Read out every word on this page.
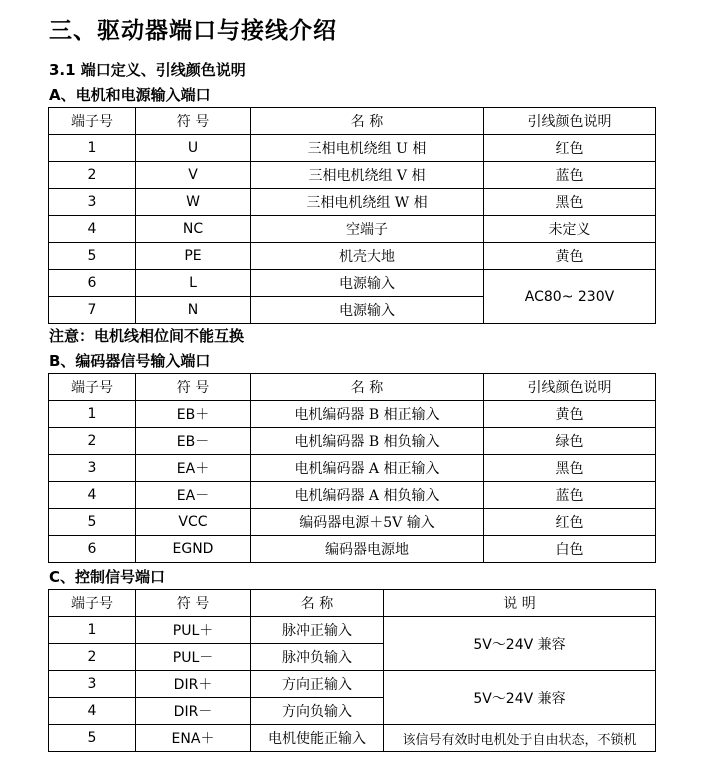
三、驱动器端口与接线介绍
3.1 端口定义、引线颜色说明
A、电机和电源输入端口
端子号	符 号	名 称	引线颜色说明
1	U	三相电机绕组 U 相	红色
2	V	三相电机绕组 V 相	蓝色
3	W	三相电机绕组 W 相	黑色
4	NC	空端子	未定义
5	PE	机壳大地	黄色
6	L	电源输入	AC80~ 230V
7	N	电源输入	
注意：电机线相位间不能互换
B、编码器信号输入端口
端子号	符 号	名 称	引线颜色说明
1	EB＋	电机编码器 B 相正输入	黄色
2	EB－	电机编码器 B 相负输入	绿色
3	EA＋	电机编码器 A 相正输入	黑色
4	EA－	电机编码器 A 相负输入	蓝色
5	VCC	编码器电源＋5V 输入	红色
6	EGND	编码器电源地	白色
C、控制信号端口
端子号	符 号	名 称	说 明
1	PUL＋	脉冲正输入	5V～24V 兼容
2	PUL－	脉冲负输入	
3	DIR＋	方向正输入	5V～24V 兼容
4	DIR－	方向负输入	
5	ENA＋	电机使能正输入	该信号有效时电机处于自由状态，不锁机
